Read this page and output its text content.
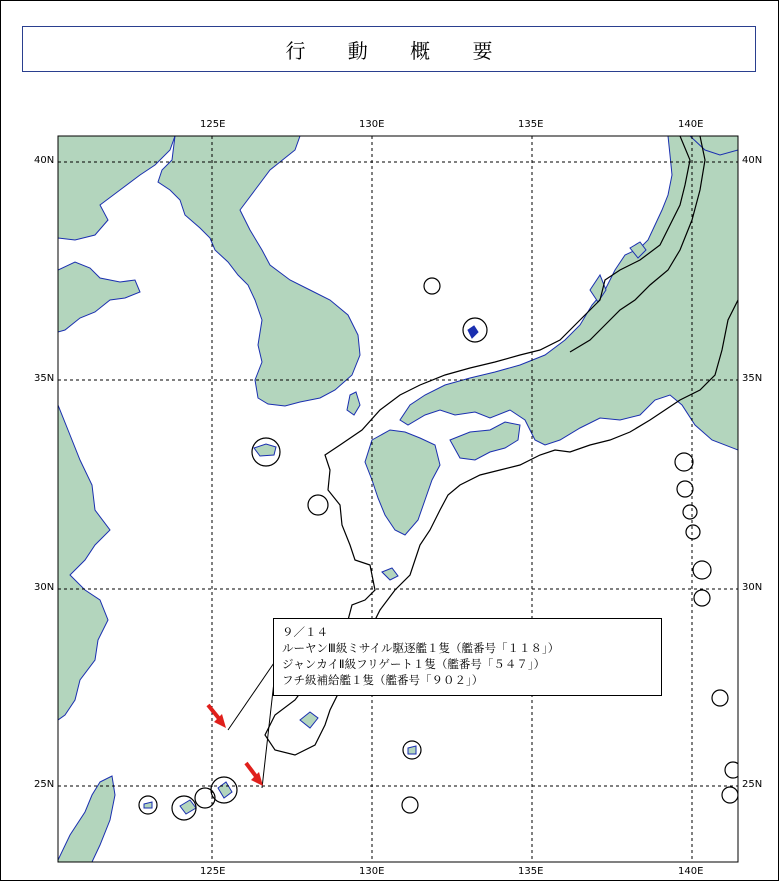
行 動 概 要
125E	130E	135E	140E
125E	130E	135E	140E
40N
35N
30N
25N
40N
35N
30N
25N
９／１４
ルーヤンⅢ級ミサイル駆逐艦１隻（艦番号「１１８」）
ジャンカイⅡ級フリゲート１隻（艦番号「５４７」）
フチ級補給艦１隻（艦番号「９０２」）
